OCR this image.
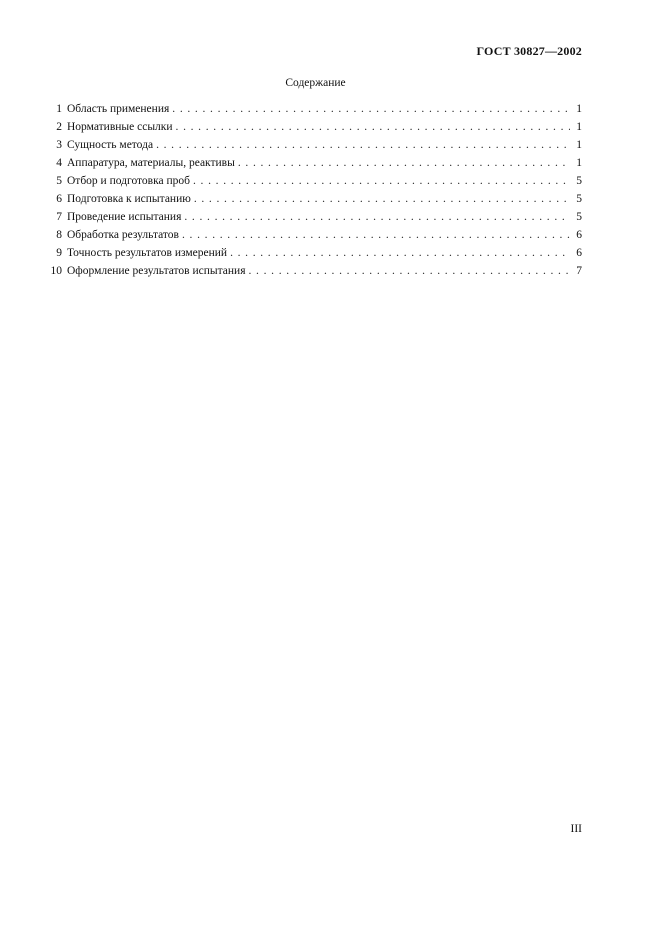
ГОСТ 30827—2002
Содержание
1 Область применения . . .	1
2 Нормативные ссылки . . .	1
3 Сущность метода . . .	1
4 Аппаратура, материалы, реактивы . . .	1
5 Отбор и подготовка проб . . .	5
6 Подготовка к испытанию . . .	5
7 Проведение испытания . . .	5
8 Обработка результатов . . .	6
9 Точность результатов измерений . . .	6
10 Оформление результатов испытания . . .	7
III
